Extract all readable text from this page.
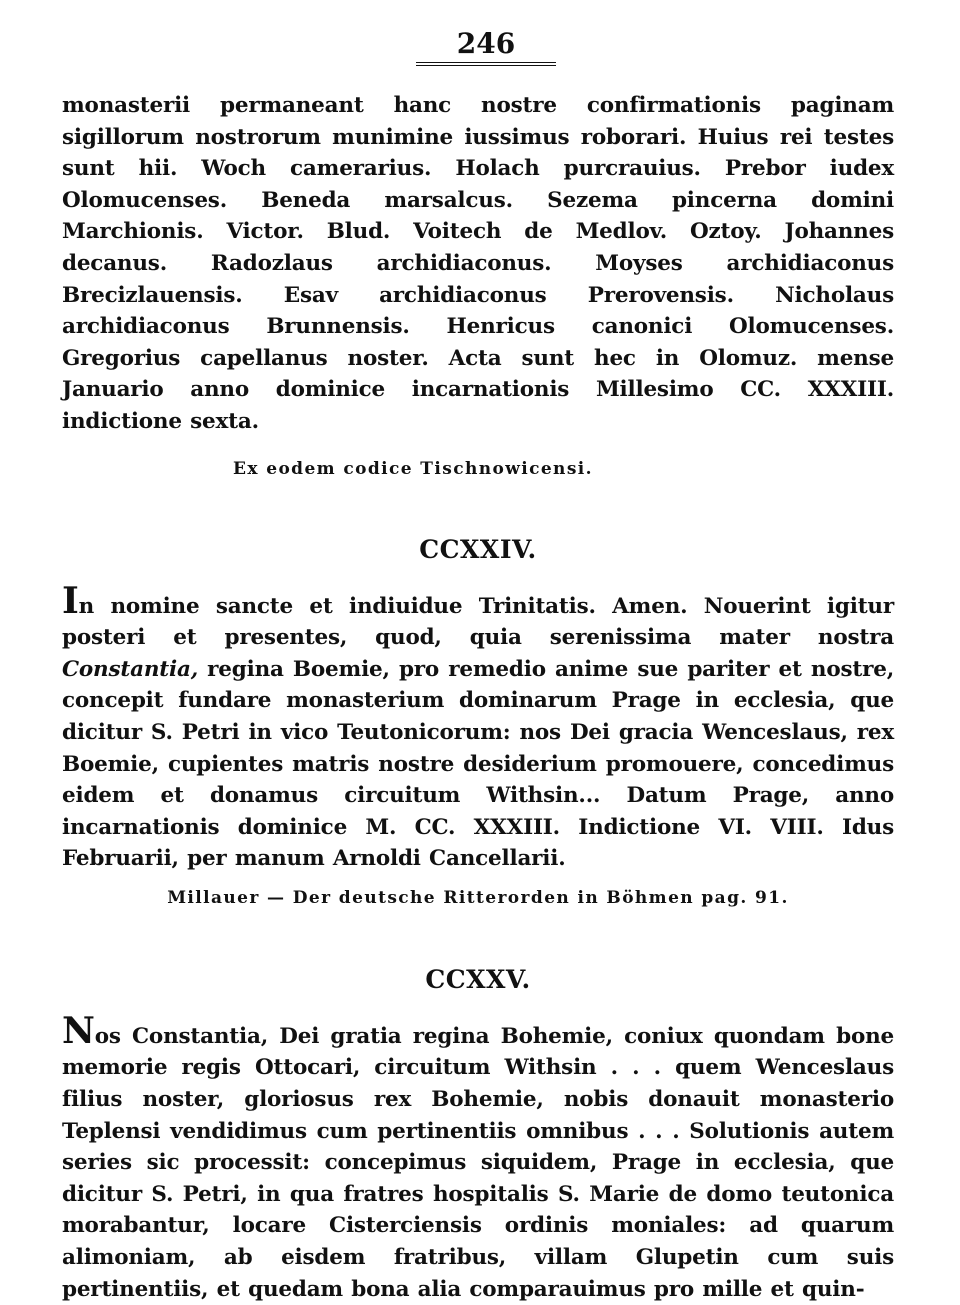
246

monasterii permaneant hanc nostre confirmationis paginam sigillorum nostrorum munimine iussimus roborari. Huius rei testes sunt hii. Woch camerarius. Holach purcrauius. Prebor iudex Olomucenses. Beneda marsalcus. Sezema pincerna domini Marchionis. Victor. Blud. Voitech de Medlov. Oztoy. Johannes decanus. Radozlaus archidiaconus. Moyses archidiaconus Brecizlauensis. Esav archidiaconus Prerovensis. Nicholaus archidiaconus Brunnensis. Henricus canonici Olomucenses. Gregorius capellanus noster. Acta sunt hec in Olomuz. mense Januario anno dominice incarnationis Millesimo CC. XXXIII. indictione sexta.

Ex eodem codice Tischnowicensi.

CCXXIV.

In nomine sancte et indiuidue Trinitatis. Amen. Nouerint igitur posteri et presentes, quod, quia serenissima mater nostra Constantia, regina Boemie, pro remedio anime sue pariter et nostre, concepit fundare monasterium dominarum Prage in ecclesia, que dicitur S. Petri in vico Teutonicorum: nos Dei gracia Wenceslaus, rex Boemie, cupientes matris nostre desiderium promouere, concedimus eidem et donamus circuitum Withsin... Datum Prage, anno incarnationis dominice M. CC. XXXIII. Indictione VI. VIII. Idus Februarii, per manum Arnoldi Cancellarii.

Millauer — Der deutsche Ritterorden in Böhmen pag. 91.

CCXXV.

Nos Constantia, Dei gratia regina Bohemie, coniux quondam bone memorie regis Ottocari, circuitum Withsin . . . quem Wenceslaus filius noster, gloriosus rex Bohemie, nobis donauit monasterio Teplensi vendidimus cum pertinentiis omnibus . . . Solutionis autem series sic processit: concepimus siquidem, Prage in ecclesia, que dicitur S. Petri, in qua fratres hospitalis S. Marie de domo teutonica morabantur, locare Cisterciensis ordinis moniales: ad quarum alimoniam, ab eisdem fratribus, villam Glupetin cum suis pertinentiis, et quedam bona alia comparauimus pro mille et quin-
